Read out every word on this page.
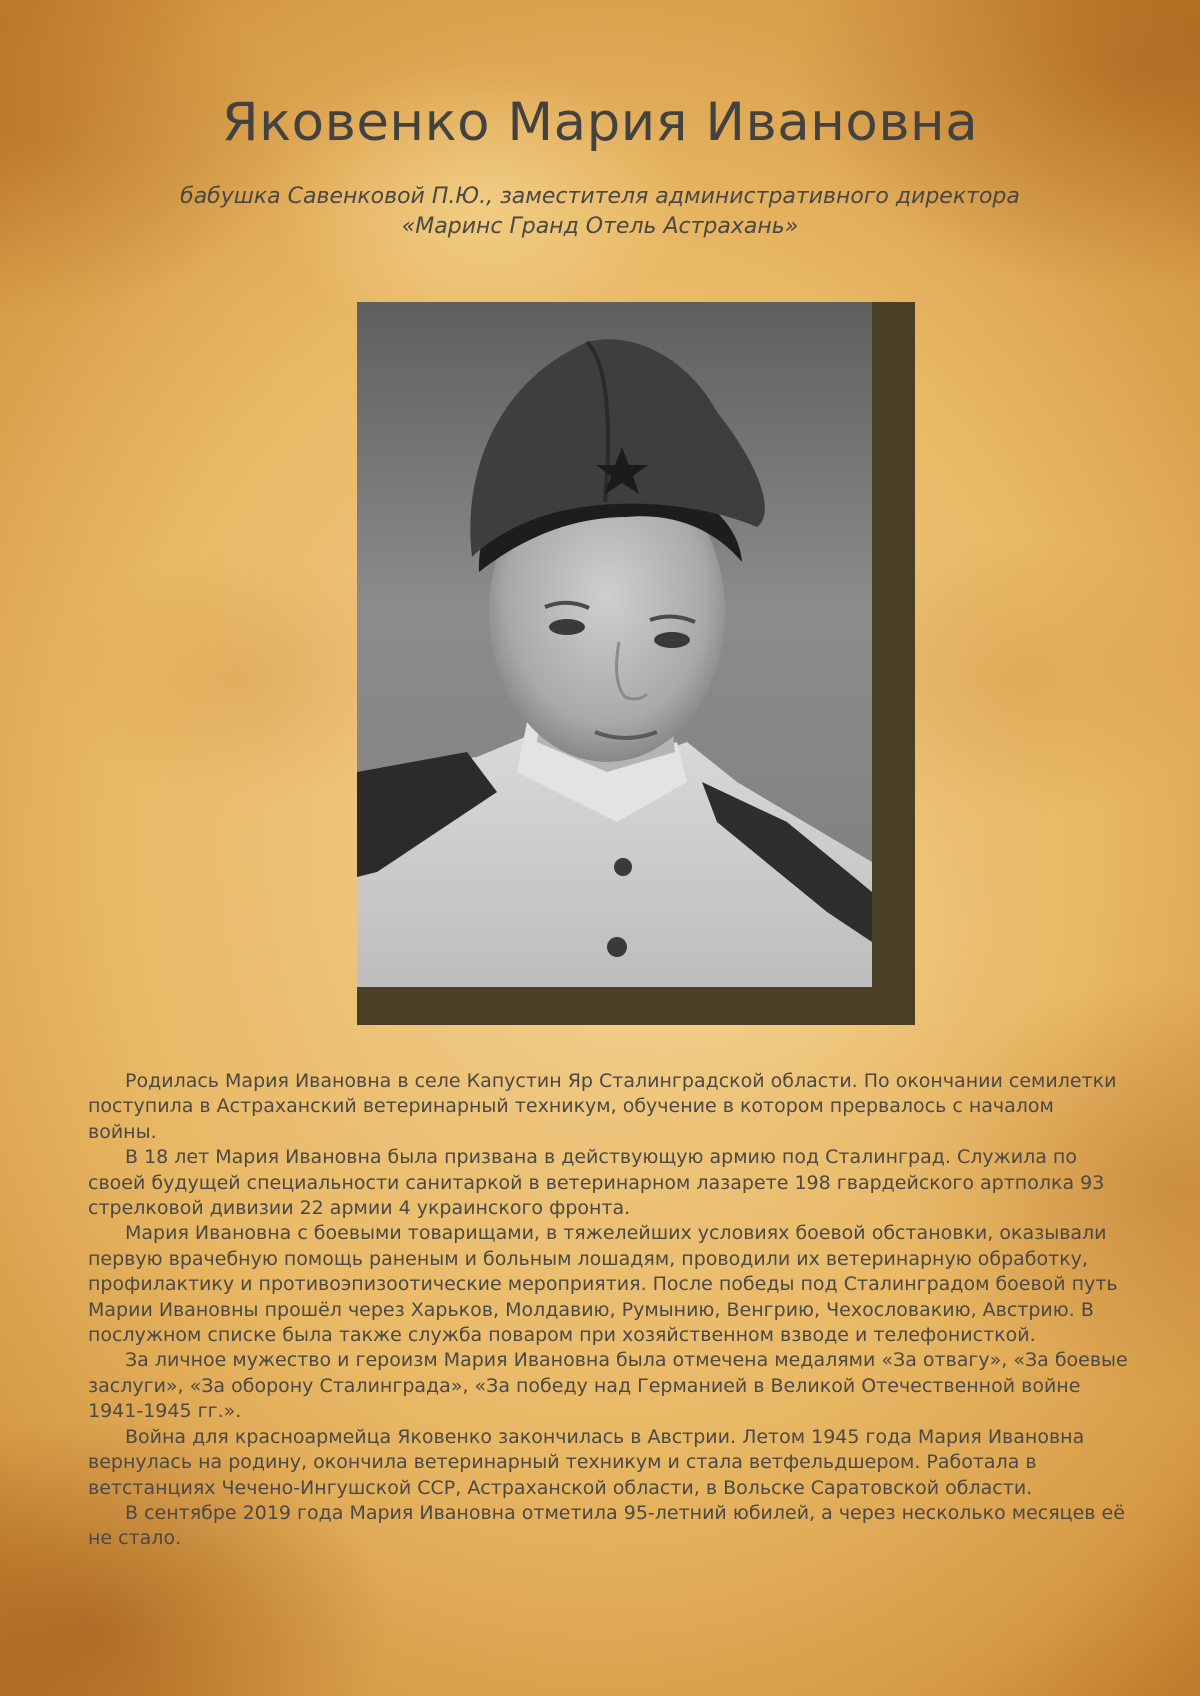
Яковенко Мария Ивановна
бабушка Савенковой П.Ю., заместителя административного директора
«Маринс Гранд Отель Астрахань»

Родилась Мария Ивановна в селе Капустин Яр Сталинградской области. По окончании семилетки поступила в Астраханский ветеринарный техникум, обучение в котором прервалось с началом войны.

В 18 лет Мария Ивановна была призвана в действующую армию под Сталинград. Служила по своей будущей специальности санитаркой в ветеринарном лазарете 198 гвардейского артполка 93 стрелковой дивизии 22 армии 4 украинского фронта.

Мария Ивановна с боевыми товарищами, в тяжелейших условиях боевой обстановки, оказывали первую врачебную помощь раненым и больным лошадям, проводили их ветеринарную обработку, профилактику и противоэпизоотические мероприятия. После победы под Сталинградом боевой путь Марии Ивановны прошёл через Харьков, Молдавию, Румынию, Венгрию, Чехословакию, Австрию. В послужном списке была также служба поваром при хозяйственном взводе и телефонисткой.

За личное мужество и героизм Мария Ивановна была отмечена медалями «За отвагу», «За боевые заслуги», «За оборону Сталинграда», «За победу над Германией в Великой Отечественной войне 1941-1945 гг.».

Война для красноармейца Яковенко закончилась в Австрии. Летом 1945 года Мария Ивановна вернулась на родину, окончила ветеринарный техникум и стала ветфельдшером. Работала в ветстанциях Чечено-Ингушской ССР, Астраханской области, в Вольске Саратовской области.

В сентябре 2019 года Мария Ивановна отметила 95-летний юбилей, а через несколько месяцев её не стало.
